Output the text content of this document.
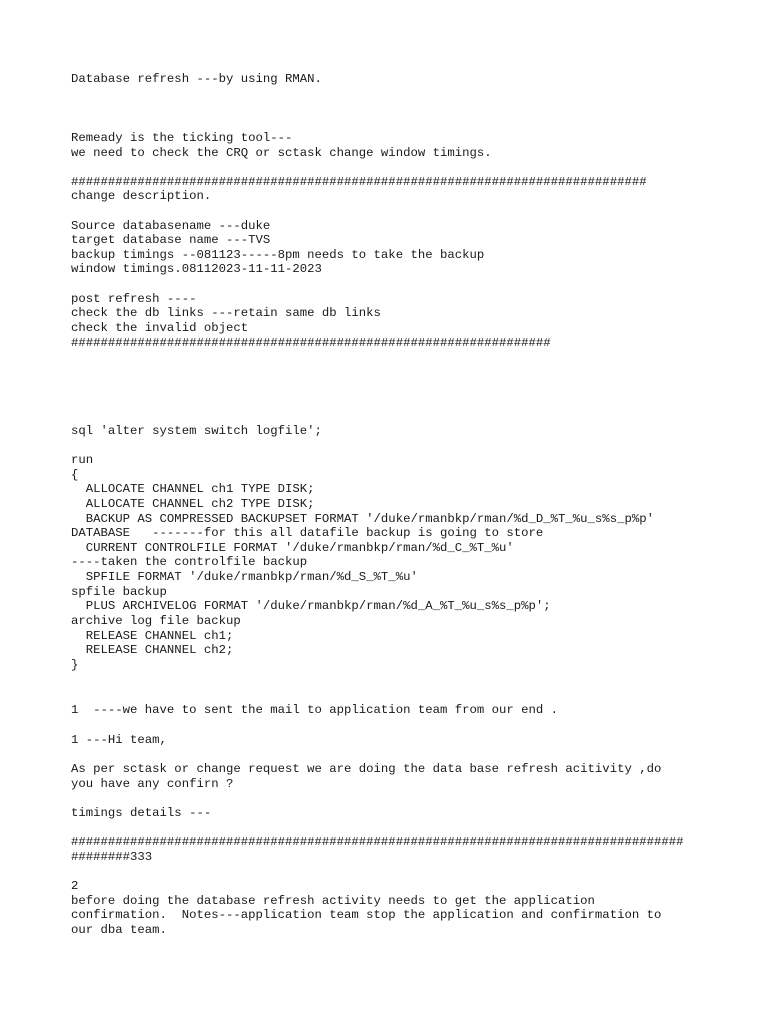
Database refresh ---by using RMAN.

Remeady is the ticking tool---

we need to check the CRQ or sctask change window timings.

##############################################################################

change description.

Source databasename ---duke

target database name ---TVS

backup timings --081123-----8pm needs to take the backup

window timings.08112023-11-11-2023

post refresh ----

check the db links ---retain same db links

check the invalid object

#################################################################

sql 'alter system switch logfile';

run

{

ALLOCATE CHANNEL ch1 TYPE DISK;

ALLOCATE CHANNEL ch2 TYPE DISK;

BACKUP AS COMPRESSED BACKUPSET FORMAT '/duke/rmanbkp/rman/%d_D_%T_%u_s%s_p%p'

DATABASE   -------for this all datafile backup is going to store

CURRENT CONTROLFILE FORMAT '/duke/rmanbkp/rman/%d_C_%T_%u'

----taken the controlfile backup

SPFILE FORMAT '/duke/rmanbkp/rman/%d_S_%T_%u'

spfile backup

PLUS ARCHIVELOG FORMAT '/duke/rmanbkp/rman/%d_A_%T_%u_s%s_p%p';

archive log file backup

RELEASE CHANNEL ch1;

RELEASE CHANNEL ch2;

}

1  ----we have to sent the mail to application team from our end .

1 ---Hi team,

As per sctask or change request we are doing the data base refresh acitivity ,do

you have any confirn ?

timings details ---

###################################################################################

########333

2

before doing the database refresh activity needs to get the application

confirmation.  Notes---application team stop the application and confirmation to

our dba team.
